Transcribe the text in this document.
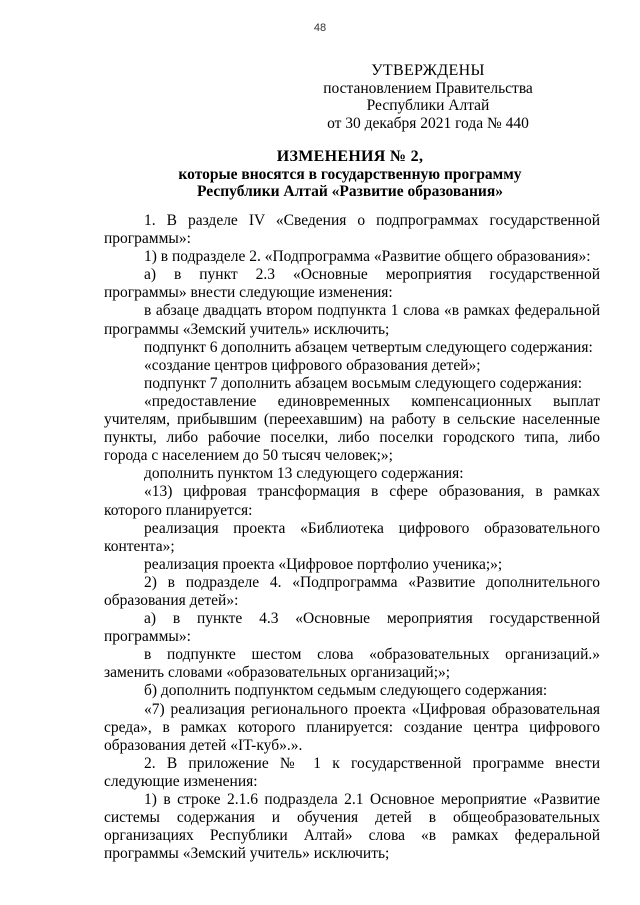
48
УТВЕРЖДЕНЫ
постановлением Правительства
Республики Алтай
от 30 декабря 2021 года № 440
ИЗМЕНЕНИЯ № 2,
которые вносятся в государственную программу
Республики Алтай «Развитие образования»

1. В разделе IV «Сведения о подпрограммах государственной программы»:

1) в подразделе 2. «Подпрограмма «Развитие общего образования»:

а) в пункт 2.3 «Основные мероприятия государственной программы» внести следующие изменения:

в абзаце двадцать втором подпункта 1 слова «в рамках федеральной программы «Земский учитель» исключить;

подпункт 6 дополнить абзацем четвертым следующего содержания:

«создание центров цифрового образования детей»;

подпункт 7 дополнить абзацем восьмым следующего содержания:

«предоставление единовременных компенсационных выплат учителям, прибывшим (переехавшим) на работу в сельские населенные пункты, либо рабочие поселки, либо поселки городского типа, либо города с населением до 50 тысяч человек;»;

дополнить пунктом 13 следующего содержания:

«13) цифровая трансформация в сфере образования, в рамках которого планируется:

реализация проекта «Библиотека цифрового образовательного контента»;

реализация проекта «Цифровое портфолио ученика;»;

2) в подразделе 4. «Подпрограмма «Развитие дополнительного образования детей»:

а) в пункте 4.3 «Основные мероприятия государственной программы»:

в подпункте шестом слова «образовательных организаций.» заменить словами «образовательных организаций;»;

б) дополнить подпунктом седьмым следующего содержания:

«7) реализация регионального проекта «Цифровая образовательная среда», в рамках которого планируется: создание центра цифрового образования детей «IT-куб».».

2. В приложение № 1 к государственной программе внести следующие изменения:

1) в строке 2.1.6 подраздела 2.1 Основное мероприятие «Развитие системы содержания и обучения детей в общеобразовательных организациях Республики Алтай» слова «в рамках федеральной программы «Земский учитель» исключить;
